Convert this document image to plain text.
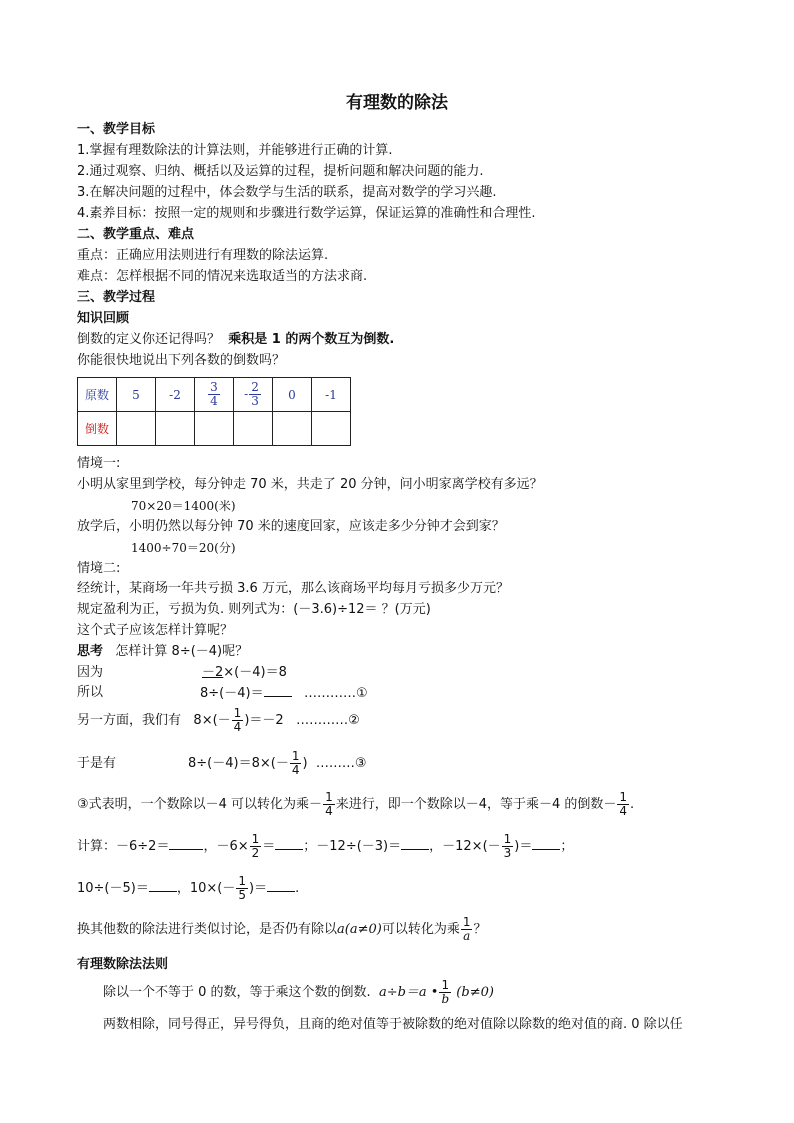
有理数的除法
一、教学目标
1.掌握有理数除法的计算法则，并能够进行正确的计算.
2.通过观察、归纳、概括以及运算的过程，提析问题和解决问题的能力.
3.在解决问题的过程中，体会数学与生活的联系，提高对数学的学习兴趣.
4.素养目标：按照一定的规则和步骤进行数学运算，保证运算的准确性和合理性.
二、教学重点、难点
重点：正确应用法则进行有理数的除法运算.
难点：怎样根据不同的情况来选取适当的方法求商.
三、教学过程
知识回顾
倒数的定义你还记得吗？ 乘积是 1 的两个数互为倒数.
你能很快地说出下列各数的倒数吗？
原数	5	-2	$\frac{3}{4}$	- $\frac{2}{3}$	0	-1
倒数						
情境一:
小明从家里到学校，每分钟走 70 米，共走了 20 分钟，问小明家离学校有多远？
70×20＝1400(米)
放学后，小明仍然以每分钟 70 米的速度回家，应该走多少分钟才会到家？
1400÷70＝20(分)
情境二:
经统计，某商场一年共亏损 3.6 万元，那么该商场平均每月亏损多少万元？
规定盈利为正，亏损为负. 则列式为：(－3.6)÷12＝ ？(万元)
这个式子应该怎样计算呢？
思考 怎样计算 8÷(－4)呢？
因为	－2×(－4)＝8
所以	8÷(－4)＝	…………①
另一方面，我们有 $8\times(- \frac{1}{4} )=-2$ …………②
于是有	$8\div(-4)=8\times(- \frac{1}{4}$ ) ………③
③式表明，一个数除以－4 可以转化为乘－ $\frac{1}{4}$ 来进行，即一个数除以－4，等于乘－4 的倒数－ $\frac{1}{4}$ .
计算：－6÷2＝	，$-6\times \frac{1}{2}$ ＝ ；－12÷(－3)＝ ，$-12\times(- \frac{1}{3}$ )＝ ；
10÷(－5)＝ ，$10\times(- \frac{1}{5}$ )＝ .
换其他数的除法进行类似讨论，是否仍有除以a(a≠0)可以转化为乘 $\frac{1}{a}$ ？
有理数除法法则
除以一个不等于 0 的数，等于乘这个数的倒数. a÷b＝a • $\frac{1}{b} (b\ne 0)$
两数相除，同号得正，异号得负，且商的绝对值等于被除数的绝对值除以除数的绝对值的商. 0 除以任
